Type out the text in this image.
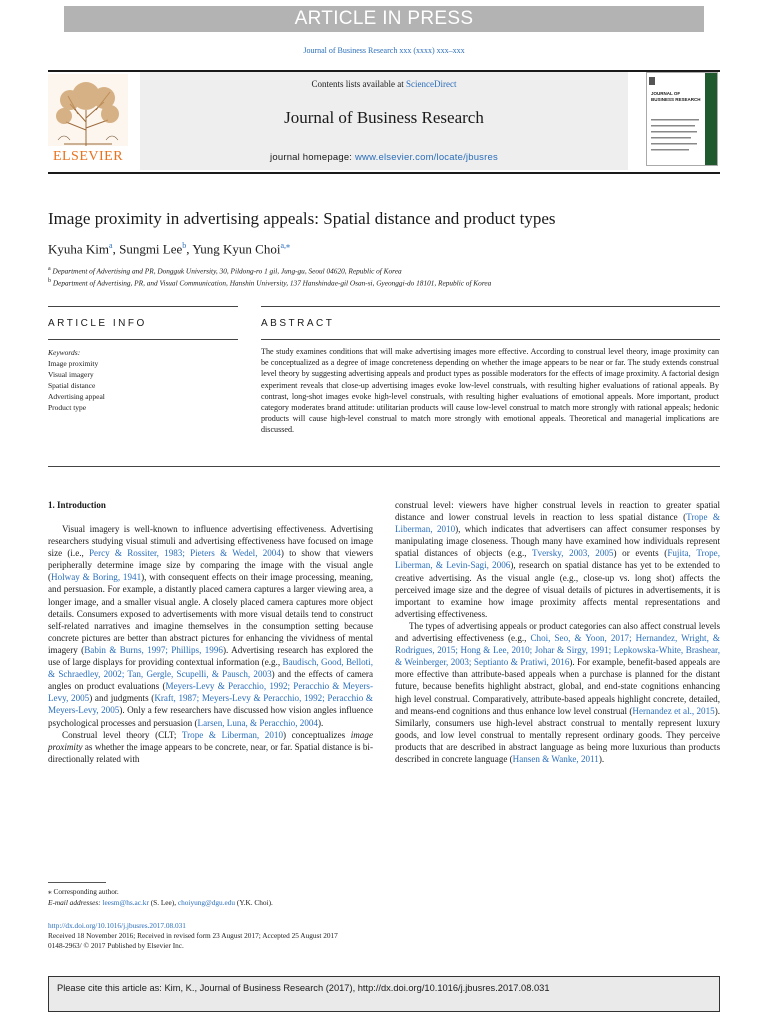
ARTICLE IN PRESS
Journal of Business Research xxx (xxxx) xxx–xxx
Contents lists available at ScienceDirect
Journal of Business Research
journal homepage: www.elsevier.com/locate/jbusres
ELSEVIER
JOURNAL OF BUSINESS RESEARCH
Image proximity in advertising appeals: Spatial distance and product types
Kyuha Kim$^a$, Sungmi Lee$^b$, Yung Kyun Choi$^{a,⁎}$
$^a$ Department of Advertising and PR, Dongguk University, 30, Pildong-ro 1 gil, Jung-gu, Seoul 04620, Republic of Korea
$^b$ Department of Advertising, PR, and Visual Communication, Hanshin University, 137 Hanshindae-gil Osan-si, Gyeonggi-do 18101, Republic of Korea
ARTICLE INFO	ABSTRACT
Keywords:
Image proximity
Visual imagery
Spatial distance
Advertising appeal
Product type
The study examines conditions that will make advertising images more effective. According to construal level theory, image proximity can be conceptualized as a degree of image concreteness depending on whether the image appears to be near or far. The study extends construal level theory by suggesting advertising appeals and product types as possible moderators for the effects of image proximity. A factorial design experiment reveals that close-up advertising images evoke low-level construals, with resulting higher evaluations of rational appeals. By contrast, long-shot images evoke high-level construals, with resulting higher evaluations of emotional appeals. More important, product category moderates brand attitude: utilitarian products will cause low-level construal to match more strongly with rational appeals; hedonic products will cause high-level construal to match more strongly with emotional appeals. Theoretical and managerial implications are discussed.
1. Introduction

Visual imagery is well-known to influence advertising effectiveness. Advertising researchers studying visual stimuli and advertising effectiveness have focused on image size (i.e., Percy & Rossiter, 1983; Pieters & Wedel, 2004) to show that viewers peripherally determine image size by comparing the image with the visual angle (Holway & Boring, 1941), with consequent effects on their image processing, meaning, and persuasion. For example, a distantly placed camera captures a larger viewing area, a longer image, and a smaller visual angle. A closely placed camera captures more object details. Consumers exposed to advertisements with more visual details tend to construct self-related narratives and imagine themselves in the consumption setting because concrete pictures are better than abstract pictures for enhancing the vividness of mental imagery (Babin & Burns, 1997; Phillips, 1996). Advertising research has explored the use of large displays for providing contextual information (e.g., Baudisch, Good, Belloti, & Schraedley, 2002; Tan, Gergle, Scupelli, & Pausch, 2003) and the effects of camera angles on product evaluations (Meyers-Levy & Peracchio, 1992; Peracchio & Meyers-Levy, 2005) and judgments (Kraft, 1987; Meyers-Levy & Peracchio, 1992; Peracchio & Meyers-Levy, 2005). Only a few researchers have discussed how vision angles influence psychological processes and persuasion (Larsen, Luna, & Peracchio, 2004).

Construal level theory (CLT; Trope & Liberman, 2010) conceptualizes image proximity as whether the image appears to be concrete, near, or far. Spatial distance is bi-directionally related with

construal level: viewers have higher construal levels in reaction to greater spatial distance and lower construal levels in reaction to less spatial distance (Trope & Liberman, 2010), which indicates that advertisers can affect consumer responses by manipulating image closeness. Though many have examined how individuals represent spatial distances of objects (e.g., Tversky, 2003, 2005) or events (Fujita, Trope, Liberman, & Levin-Sagi, 2006), research on spatial distance has yet to be extended to creative advertising. As the visual angle (e.g., close-up vs. long shot) affects the perceived image size and the degree of visual details of pictures in advertisements, it is important to examine how image proximity affects mental representations and advertising effectiveness.

The types of advertising appeals or product categories can also affect construal levels and advertising effectiveness (e.g., Choi, Seo, & Yoon, 2017; Hernandez, Wright, & Rodrigues, 2015; Hong & Lee, 2010; Johar & Sirgy, 1991; Lepkowska-White, Brashear, & Weinberger, 2003; Septianto & Pratiwi, 2016). For example, benefit-based appeals are more effective than attribute-based appeals when a purchase is planned for the distant future, because benefits highlight abstract, global, and end-state cognitions enhancing high level construal. Comparatively, attribute-based appeals highlight concrete, detailed, and means-end cognitions and thus enhance low level construal (Hernandez et al., 2015). Similarly, consumers use high-level abstract construal to mentally represent luxury goods, and low level construal to mentally represent ordinary goods. They perceive products that are described in abstract language as being more luxurious than products described in concrete language (Hansen & Wanke, 2011).

⁎ Corresponding author.
E-mail addresses: leesm@hs.ac.kr (S. Lee), choiyung@dgu.edu (Y.K. Choi).
http://dx.doi.org/10.1016/j.jbusres.2017.08.031
Received 18 November 2016; Received in revised form 23 August 2017; Accepted 25 August 2017
0148-2963/ © 2017 Published by Elsevier Inc.
Please cite this article as: Kim, K., Journal of Business Research (2017), http://dx.doi.org/10.1016/j.jbusres.2017.08.031
